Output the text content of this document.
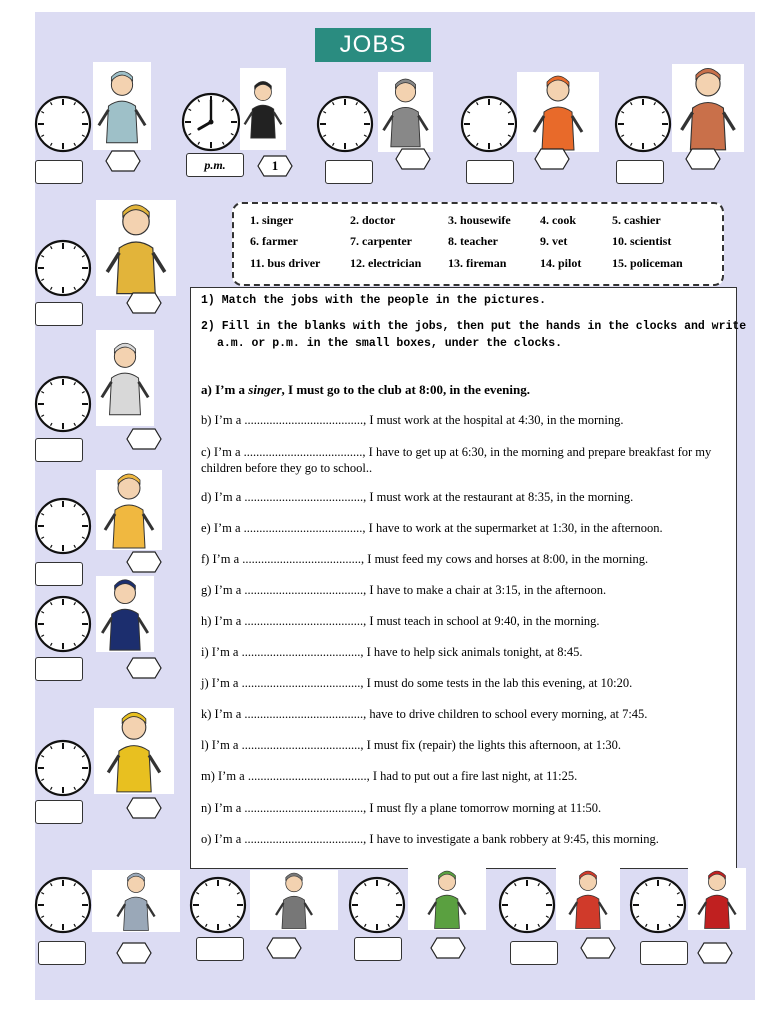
JOBS
1. singer	2. doctor	3. housewife 4. cook	5. cashier
6. farmer	7. carpenter	8. teacher	9. vet	10. scientist
11. bus driver 12. electrician 13. fireman	14. pilot	15. policeman
1) Match the jobs with the people in the pictures.
2) Fill in the blanks with the jobs, then put the hands in the clocks and write
a.m. or p.m. in the small boxes, under the clocks.
a) I’m a singer, I must go to the club at 8:00, in the evening.
b) I’m a ......................................, I must work at the hospital at 4:30, in the morning.
c) I’m a ......................................, I have to get up at 6:30, in the morning and prepare breakfast for my children before they go to school..
d) I’m a ......................................, I must work at the restaurant at 8:35, in the morning.
e) I’m a ......................................, I have to work at the supermarket at 1:30, in the afternoon.
f) I’m a ......................................, I must feed my cows and horses at 8:00, in the morning.
g) I’m a ......................................, I have to make a chair at 3:15, in the afternoon.
h) I’m a ......................................, I must teach in school at 9:40, in the morning.
i) I’m a ......................................, I have to help sick animals tonight, at 8:45.
j) I’m a ......................................, I must do some tests in the lab this evening, at 10:20.
k) I’m a ......................................, have to drive children to school every morning, at 7:45.
l) I’m a ......................................, I must fix (repair) the lights this afternoon, at 1:30.
m) I’m a ......................................, I had to put out a fire last night, at 11:25.
n) I’m a ......................................, I must fly a plane tomorrow morning at 11:50.
o) I’m a ......................................, I have to investigate a bank robbery at 9:45, this morning.
p.m.	1
